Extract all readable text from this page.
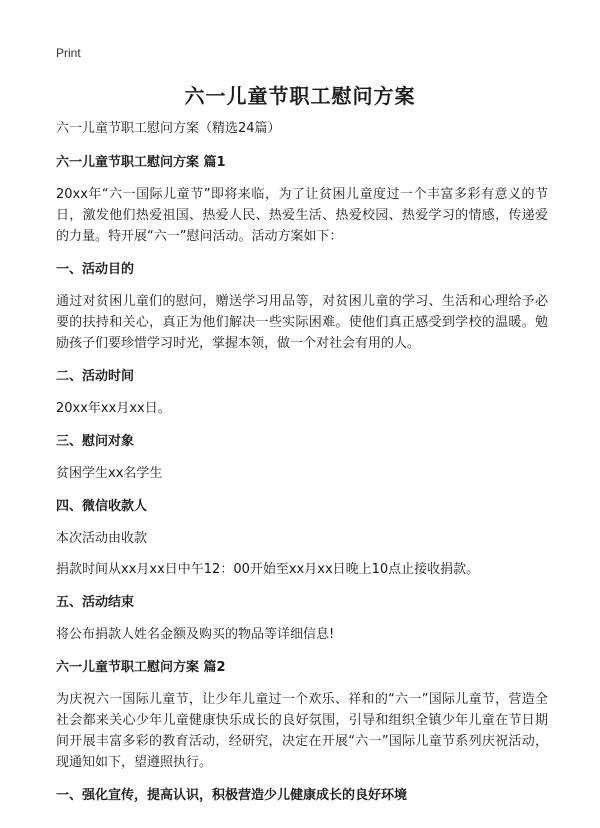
Print
六一儿童节职工慰问方案
六一儿童节职工慰问方案（精选24篇）
六一儿童节职工慰问方案 篇1
20xx年“六一国际儿童节”即将来临，为了让贫困儿童度过一个丰富多彩有意义的节日，激发他们热爱祖国、热爱人民、热爱生活、热爱校园、热爱学习的情感，传递爱的力量。特开展“六一”慰问活动。活动方案如下：
一、活动目的
通过对贫困儿童们的慰问，赠送学习用品等，对贫困儿童的学习、生活和心理给予必要的扶持和关心，真正为他们解决一些实际困难。使他们真正感受到学校的温暖。勉励孩子们要珍惜学习时光，掌握本领，做一个对社会有用的人。
二、活动时间
20xx年xx月xx日。
三、慰问对象
贫困学生xx名学生
四、微信收款人
本次活动由收款
捐款时间从xx月xx日中午12：00开始至xx月xx日晚上10点止接收捐款。
五、活动结束
将公布捐款人姓名金额及购买的物品等详细信息!
六一儿童节职工慰问方案 篇2
为庆祝六一国际儿童节，让少年儿童过一个欢乐、祥和的“六一”国际儿童节，营造全社会都来关心少年儿童健康快乐成长的良好氛围，引导和组织全镇少年儿童在节日期间开展丰富多彩的教育活动，经研究，决定在开展“六一”国际儿童节系列庆祝活动，现通知如下，望遵照执行。
一、强化宣传，提高认识，积极营造少儿健康成长的良好环境
